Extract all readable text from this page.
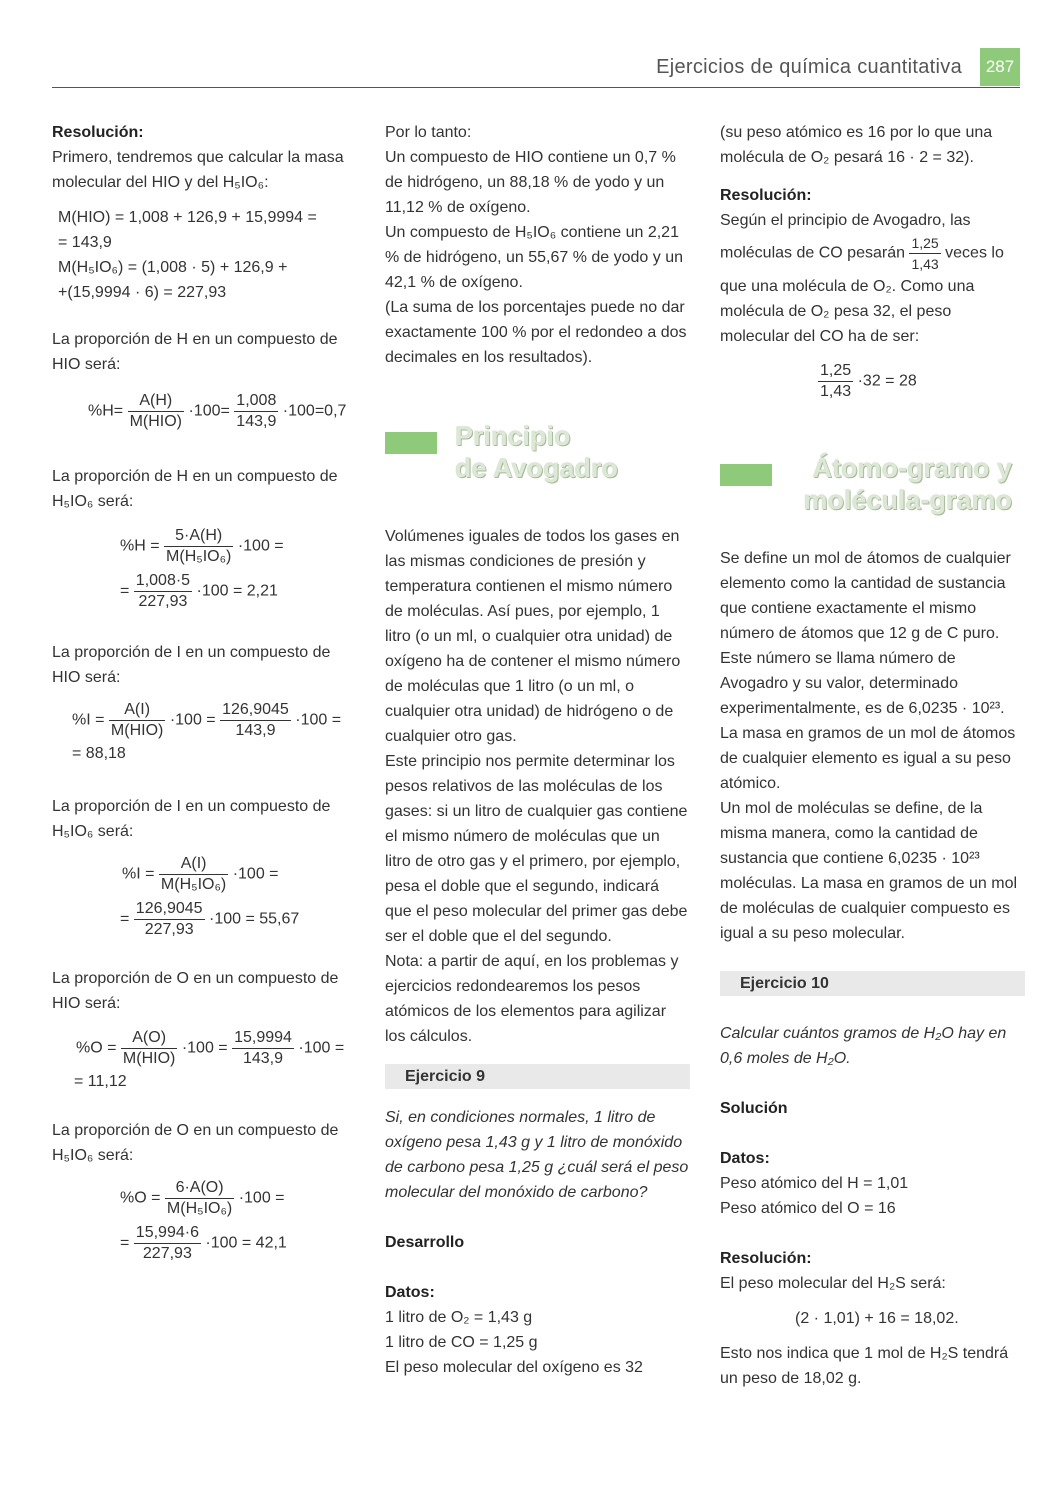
Ejercicios de química cuantitativa	287

Resolución:

Primero, tendremos que calcular la masa molecular del HIO y del H₅IO₆:

M(HIO) = 1,008 + 126,9 + 15,9994 =

= 143,9

M(H₅IO₆) = (1,008 · 5) + 126,9 +

+(15,9994 · 6) = 227,93

La proporción de H en un compuesto de HIO será:

$\%H= \frac{A(H)}{\text{M(HIO)}} \cdot 100= \frac{1,008}{143,9} \cdot 100=0,7$

La proporción de H en un compuesto de H₅IO₆ será:

$\%H = \frac{5\cdot A(H)}{\text{M(H₅IO₆)}} \cdot 100$ =
= $\frac{1,008\cdot 5}{227,93} \cdot 100 = 2,21$

La proporción de I en un compuesto de HIO será:

$\%I = \frac{A(I)}{\text{M(HIO)}} \cdot 100 = \frac{126,9045}{143,9} \cdot 100$ =

= 88,18

La proporción de I en un compuesto de H₅IO₆ será:

$\%I = \frac{A(I)}{\text{M(H₅IO₆)}} \cdot 100$ =
= $\frac{126,9045}{227,93} \cdot 100 = 55,67$

La proporción de O en un compuesto de HIO será:

$\%O = \frac{A(O)}{\text{M(HIO)}} \cdot 100 = \frac{15,9994}{143,9} \cdot 100$ =

= 11,12

La proporción de O en un compuesto de H₅IO₆ será:

$\%O = \frac{6\cdot A(O)}{\text{M(H₅IO₆)}} \cdot 100$ =
= $\frac{15,994\cdot 6}{227,93} \cdot 100 = 42,1$

Por lo tanto:

Un compuesto de HIO contiene un 0,7 % de hidrógeno, un 88,18 % de yodo y un 11,12 % de oxígeno.

Un compuesto de H₅IO₆ contiene un 2,21 % de hidrógeno, un 55,67 % de yodo y un 42,1 % de oxígeno.

(La suma de los porcentajes puede no dar exactamente 100 % por el redondeo a dos decimales en los resultados).

Principio
de Avogadro

Volúmenes iguales de todos los gases en las mismas condiciones de presión y temperatura contienen el mismo número de moléculas. Así pues, por ejemplo, 1 litro (o un ml, o cualquier otra unidad) de oxígeno ha de contener el mismo número de moléculas que 1 litro (o un ml, o cualquier otra unidad) de hidrógeno o de cualquier otro gas.

Este principio nos permite determinar los pesos relativos de las moléculas de los gases: si un litro de cualquier gas contiene el mismo número de moléculas que un litro de otro gas y el primero, por ejemplo, pesa el doble que el segundo, indicará que el peso molecular del primer gas debe ser el doble que el del segundo.

Nota: a partir de aquí, en los problemas y ejercicios redondearemos los pesos atómicos de los elementos para agilizar los cálculos.

Ejercicio 9

Si, en condiciones normales, 1 litro de oxígeno pesa 1,43 g y 1 litro de monóxido de carbono pesa 1,25 g ¿cuál será el peso molecular del monóxido de carbono?

Desarrollo

Datos:

1 litro de O₂ = 1,43 g

1 litro de CO = 1,25 g

El peso molecular del oxígeno es 32

(su peso atómico es 16 por lo que una molécula de O₂ pesará 16 · 2 = 32).

Resolución:

Según el principio de Avogadro, las moléculas de CO pesarán $\frac{1,25}{1,43}$ veces lo que una molécula de O₂. Como una molécula de O₂ pesa 32, el peso molecular del CO ha de ser:

$\frac{1,25}{1,43} \cdot 32 = 28$
Átomo-gramo y
molécula-gramo

Se define un mol de átomos de cualquier elemento como la cantidad de sustancia que contiene exactamente el mismo número de átomos que 12 g de C puro. Este número se llama número de Avogadro y su valor, determinado experimentalmente, es de 6,0235 · 10²³. La masa en gramos de un mol de átomos de cualquier elemento es igual a su peso atómico.

Un mol de moléculas se define, de la misma manera, como la cantidad de sustancia que contiene 6,0235 · 10²³ moléculas. La masa en gramos de un mol de moléculas de cualquier compuesto es igual a su peso molecular.

Ejercicio 10

Calcular cuántos gramos de H₂O hay en 0,6 moles de H₂O.

Solución

Datos:

Peso atómico del H = 1,01

Peso atómico del O = 16

Resolución:

El peso molecular del H₂S será:

(2 · 1,01) + 16 = 18,02.

Esto nos indica que 1 mol de H₂S tendrá un peso de 18,02 g.
